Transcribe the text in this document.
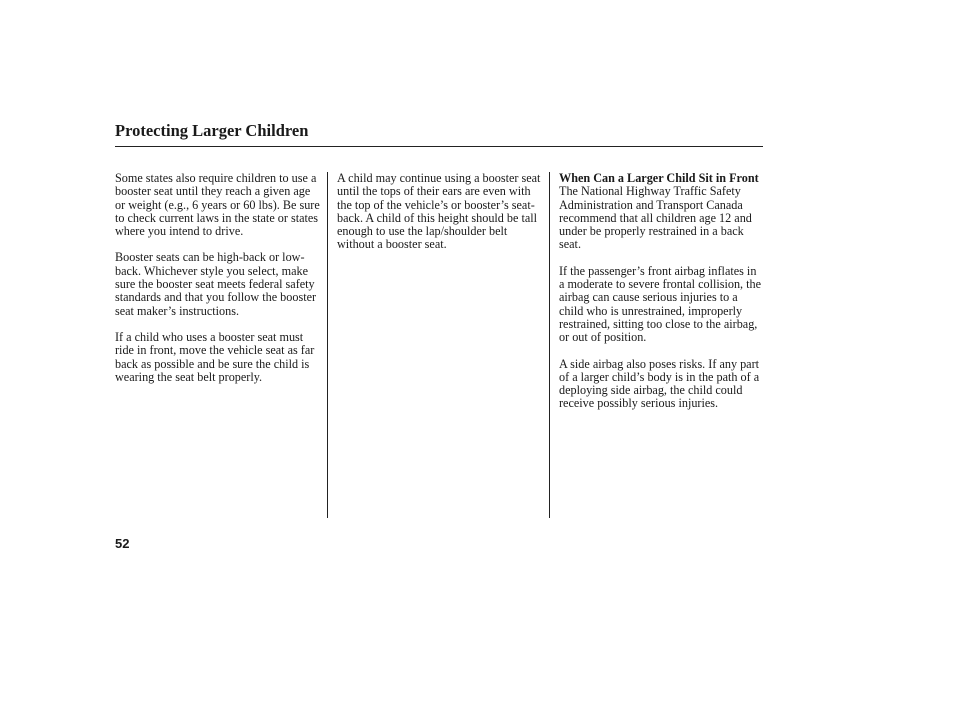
Protecting Larger Children

Some states also require children to use a booster seat until they reach a given age or weight (e.g., 6 years or 60 lbs). Be sure to check current laws in the state or states where you intend to drive.

Booster seats can be high-back or low-back. Whichever style you select, make sure the booster seat meets federal safety standards and that you follow the booster seat maker’s instructions.

If a child who uses a booster seat must ride in front, move the vehicle seat as far back as possible and be sure the child is wearing the seat belt properly.

A child may continue using a booster seat until the tops of their ears are even with the top of the vehicle’s or booster’s seat-back. A child of this height should be tall enough to use the lap/shoulder belt without a booster seat.

When Can a Larger Child Sit in Front

The National Highway Traffic Safety Administration and Transport Canada recommend that all children age 12 and under be properly restrained in a back seat.

If the passenger’s front airbag inflates in a moderate to severe frontal collision, the airbag can cause serious injuries to a child who is unrestrained, improperly restrained, sitting too close to the airbag, or out of position.

A side airbag also poses risks. If any part of a larger child’s body is in the path of a deploying side airbag, the child could receive possibly serious injuries.

52
